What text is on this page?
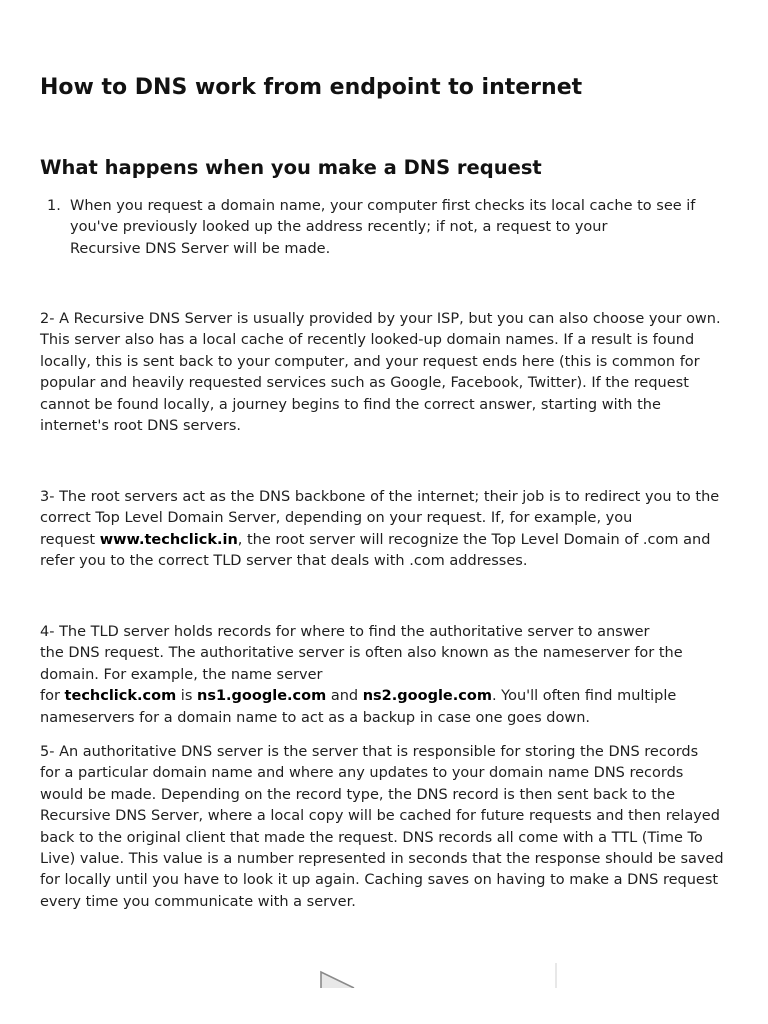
How to DNS work from endpoint to internet
What happens when you make a DNS request
1. When you request a domain name, your computer first checks its local cache to see if
you've previously looked up the address recently; if not, a request to your
Recursive DNS Server will be made.
2- A Recursive DNS Server is usually provided by your ISP, but you can also choose your own.
This server also has a local cache of recently looked-up domain names. If a result is found
locally, this is sent back to your computer, and your request ends here (this is common for
popular and heavily requested services such as Google, Facebook, Twitter). If the request
cannot be found locally, a journey begins to find the correct answer, starting with the
internet's root DNS servers.
3- The root servers act as the DNS backbone of the internet; their job is to redirect you to the
correct Top Level Domain Server, depending on your request. If, for example, you
request www.techclick.in, the root server will recognize the Top Level Domain of .com and
refer you to the correct TLD server that deals with .com addresses.
4- The TLD server holds records for where to find the authoritative server to answer
the DNS request. The authoritative server is often also known as the nameserver for the
domain. For example, the name server
for techclick.com is ns1.google.com and ns2.google.com. You'll often find multiple
nameservers for a domain name to act as a backup in case one goes down.
5- An authoritative DNS server is the server that is responsible for storing the DNS records
for a particular domain name and where any updates to your domain name DNS records
would be made. Depending on the record type, the DNS record is then sent back to the
Recursive DNS Server, where a local copy will be cached for future requests and then relayed
back to the original client that made the request. DNS records all come with a TTL (Time To
Live) value. This value is a number represented in seconds that the response should be saved
for locally until you have to look it up again. Caching saves on having to make a DNS request
every time you communicate with a server.
